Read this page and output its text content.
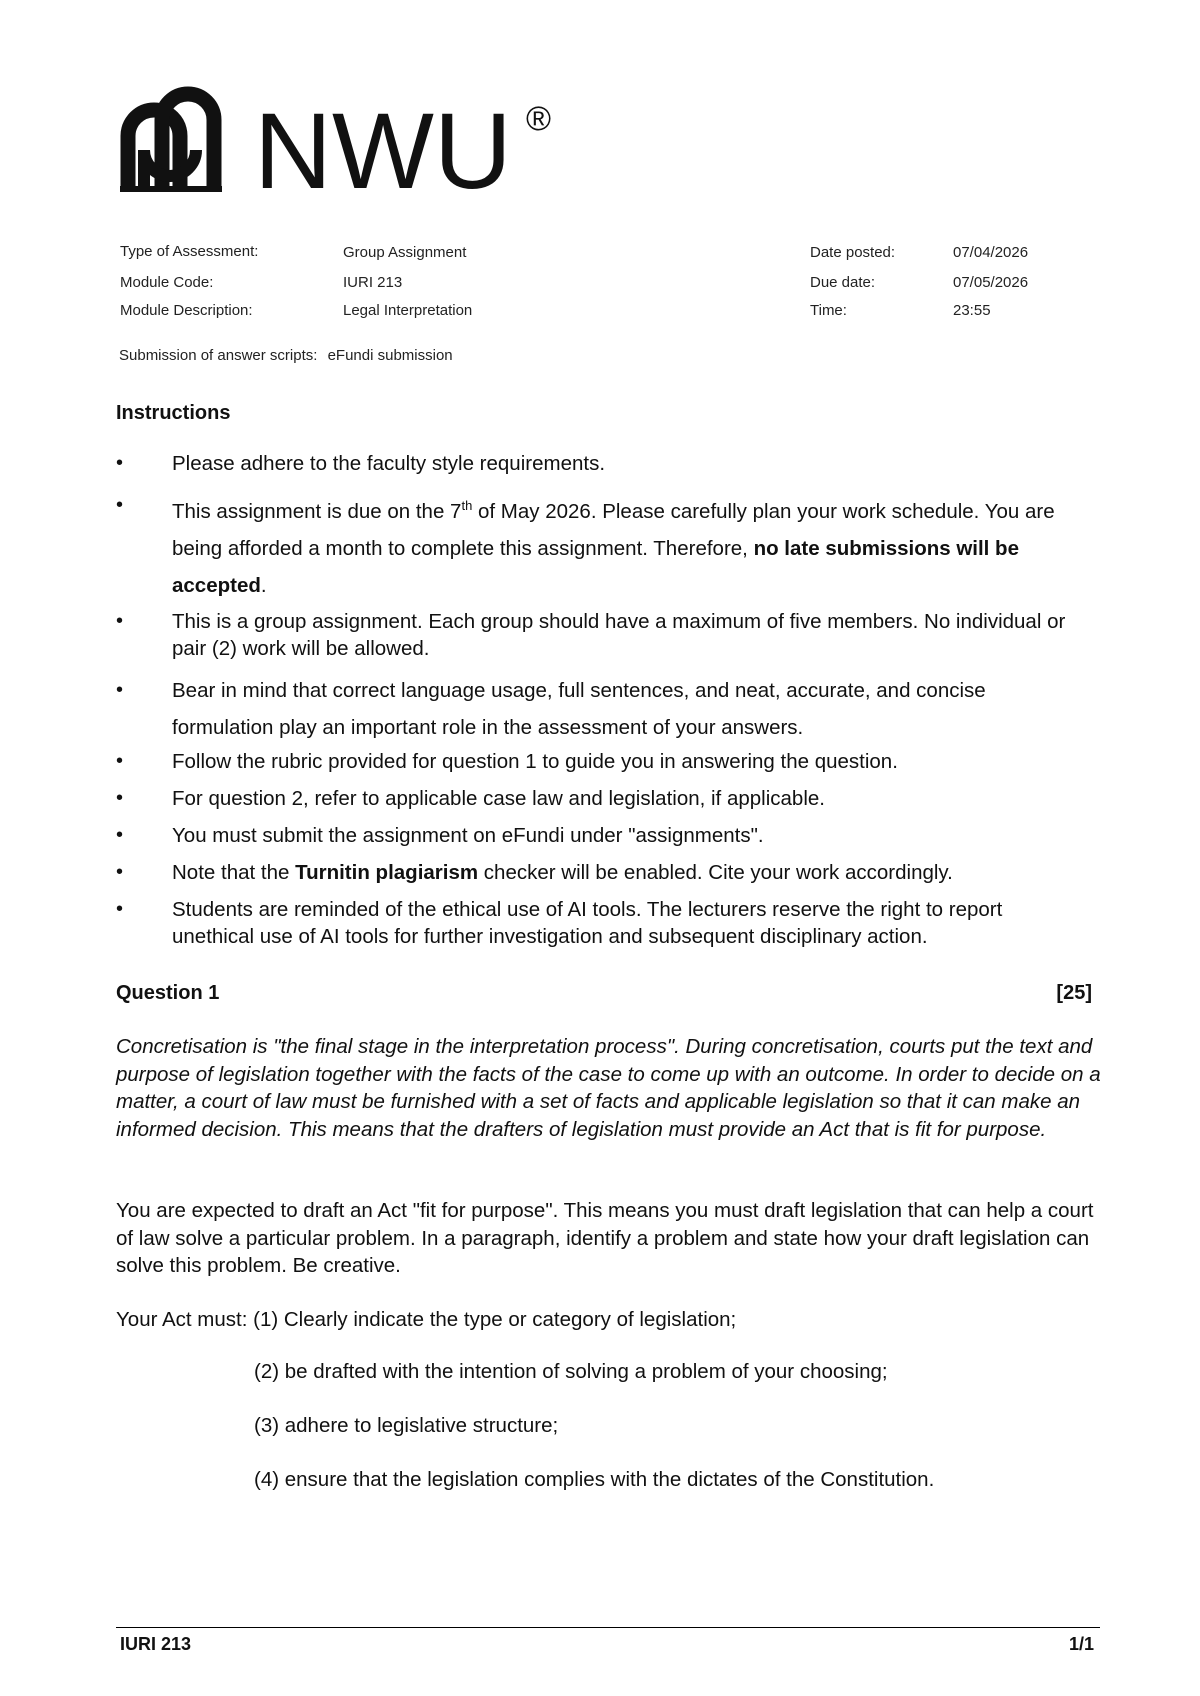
NWU ®
Type of Assessment:	Group Assignment
Module Code:	IURI 213
Module Description:	Legal Interpretation
Date posted:	07/04/2026
Due date:	07/05/2026
Time:	23:55
Submission of answer scripts: eFundi submission
Instructions

• Please adhere to the faculty style requirements.

• This assignment is due on the 7th of May 2026. Please carefully plan your work schedule. You are being afforded a month to complete this assignment. Therefore, no late submissions will be accepted.

• This is a group assignment. Each group should have a maximum of five members. No individual or pair (2) work will be allowed.

• Bear in mind that correct language usage, full sentences, and neat, accurate, and concise formulation play an important role in the assessment of your answers.

• Follow the rubric provided for question 1 to guide you in answering the question.

• For question 2, refer to applicable case law and legislation, if applicable.

• You must submit the assignment on eFundi under "assignments".

• Note that the Turnitin plagiarism checker will be enabled. Cite your work accordingly.

• Students are reminded of the ethical use of AI tools. The lecturers reserve the right to report unethical use of AI tools for further investigation and subsequent disciplinary action.

Question 1	[25]

Concretisation is "the final stage in the interpretation process". During concretisation, courts put the text and purpose of legislation together with the facts of the case to come up with an outcome. In order to decide on a matter, a court of law must be furnished with a set of facts and applicable legislation so that it can make an informed decision. This means that the drafters of legislation must provide an Act that is fit for purpose.

You are expected to draft an Act "fit for purpose". This means you must draft legislation that can help a court of law solve a particular problem. In a paragraph, identify a problem and state how your draft legislation can solve this problem. Be creative.

Your Act must: (1) Clearly indicate the type or category of legislation;

(2) be drafted with the intention of solving a problem of your choosing;

(3) adhere to legislative structure;

(4) ensure that the legislation complies with the dictates of the Constitution.

IURI 213	1/1
